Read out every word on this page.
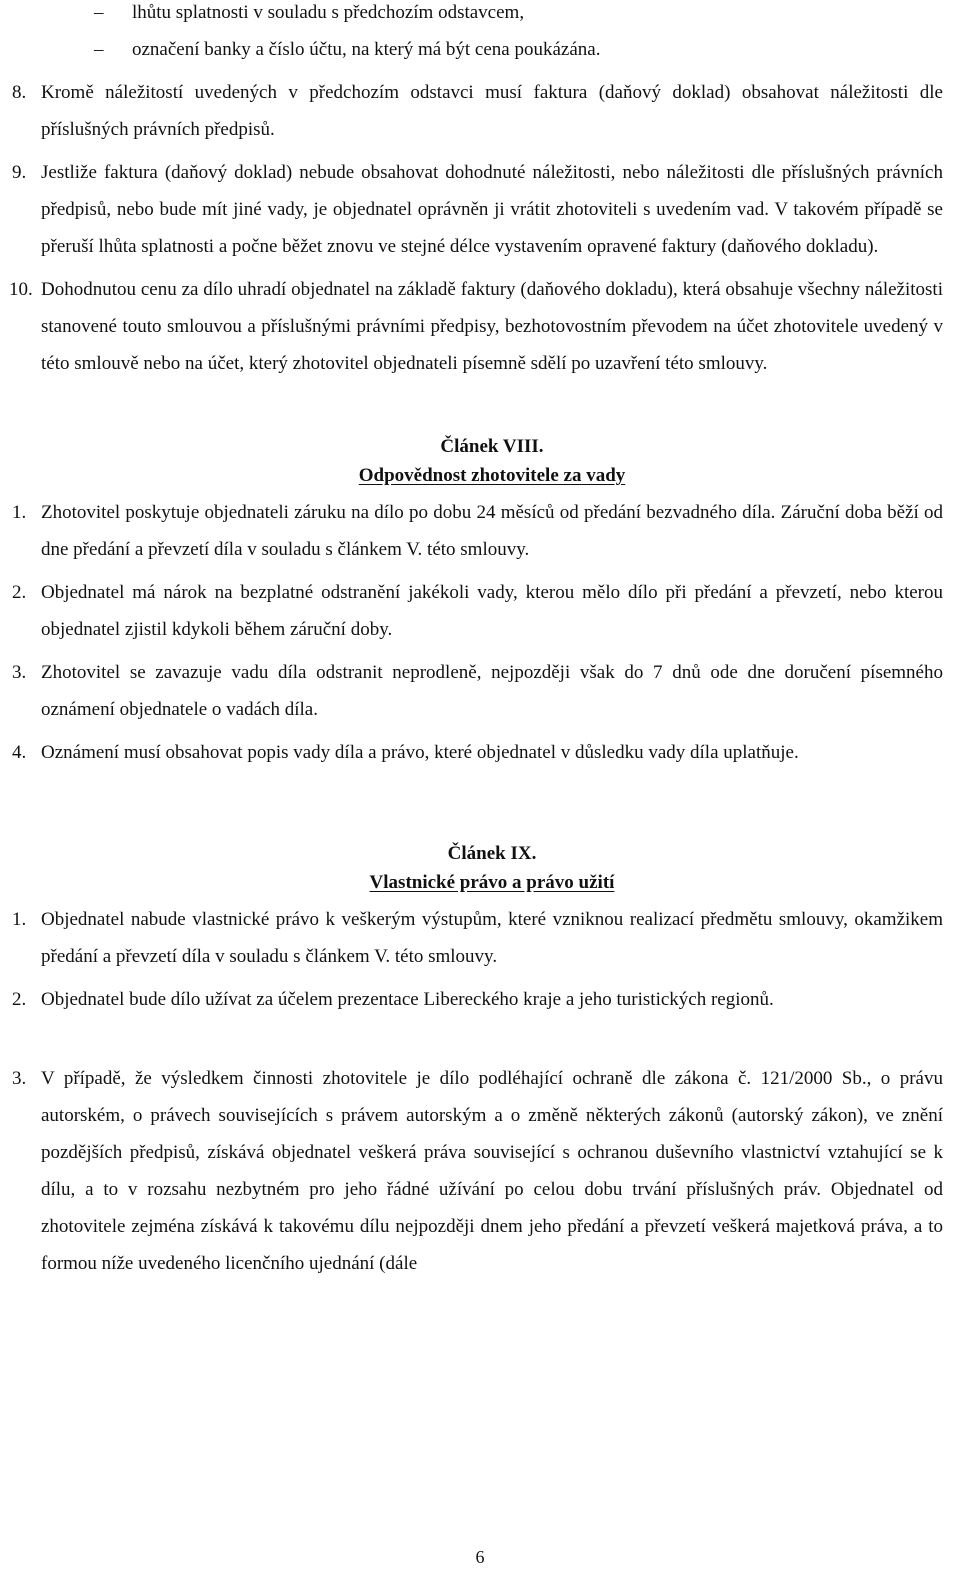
– lhůtu splatnosti v souladu s předchozím odstavcem,
– označení banky a číslo účtu, na který má být cena poukázána.
8. Kromě náležitostí uvedených v předchozím odstavci musí faktura (daňový doklad) obsahovat náležitosti dle příslušných právních předpisů.
9. Jestliže faktura (daňový doklad) nebude obsahovat dohodnuté náležitosti, nebo náležitosti dle příslušných právních předpisů, nebo bude mít jiné vady, je objednatel oprávněn ji vrátit zhotoviteli s uvedením vad. V takovém případě se přeruší lhůta splatnosti a počne běžet znovu ve stejné délce vystavením opravené faktury (daňového dokladu).
10. Dohodnutou cenu za dílo uhradí objednatel na základě faktury (daňového dokladu), která obsahuje všechny náležitosti stanovené touto smlouvou a příslušnými právními předpisy, bezhotovostním převodem na účet zhotovitele uvedený v této smlouvě nebo na účet, který zhotovitel objednateli písemně sdělí po uzavření této smlouvy.
Článek VIII.
Odpovědnost zhotovitele za vady
1. Zhotovitel poskytuje objednateli záruku na dílo po dobu 24 měsíců od předání bezvadného díla. Záruční doba běží od dne předání a převzetí díla v souladu s článkem V. této smlouvy.
2. Objednatel má nárok na bezplatné odstranění jakékoli vady, kterou mělo dílo při předání a převzetí, nebo kterou objednatel zjistil kdykoli během záruční doby.
3. Zhotovitel se zavazuje vadu díla odstranit neprodleně, nejpozději však do 7 dnů ode dne doručení písemného oznámení objednatele o vadách díla.
4. Oznámení musí obsahovat popis vady díla a právo, které objednatel v důsledku vady díla uplatňuje.
Článek IX.
Vlastnické právo a právo užití
1. Objednatel nabude vlastnické právo k veškerým výstupům, které vzniknou realizací předmětu smlouvy, okamžikem předání a převzetí díla v souladu s článkem V. této smlouvy.
2. Objednatel bude dílo užívat za účelem prezentace Libereckého kraje a jeho turistických regionů.
3. V případě, že výsledkem činnosti zhotovitele je dílo podléhající ochraně dle zákona č. 121/2000 Sb., o právu autorském, o právech souvisejících s právem autorským a o změně některých zákonů (autorský zákon), ve znění pozdějších předpisů, získává objednatel veškerá práva související s ochranou duševního vlastnictví vztahující se k dílu, a to v rozsahu nezbytném pro jeho řádné užívání po celou dobu trvání příslušných práv. Objednatel od zhotovitele zejména získává k takovému dílu nejpozději dnem jeho předání a převzetí veškerá majetková práva, a to formou níže uvedeného licenčního ujednání (dále
6
